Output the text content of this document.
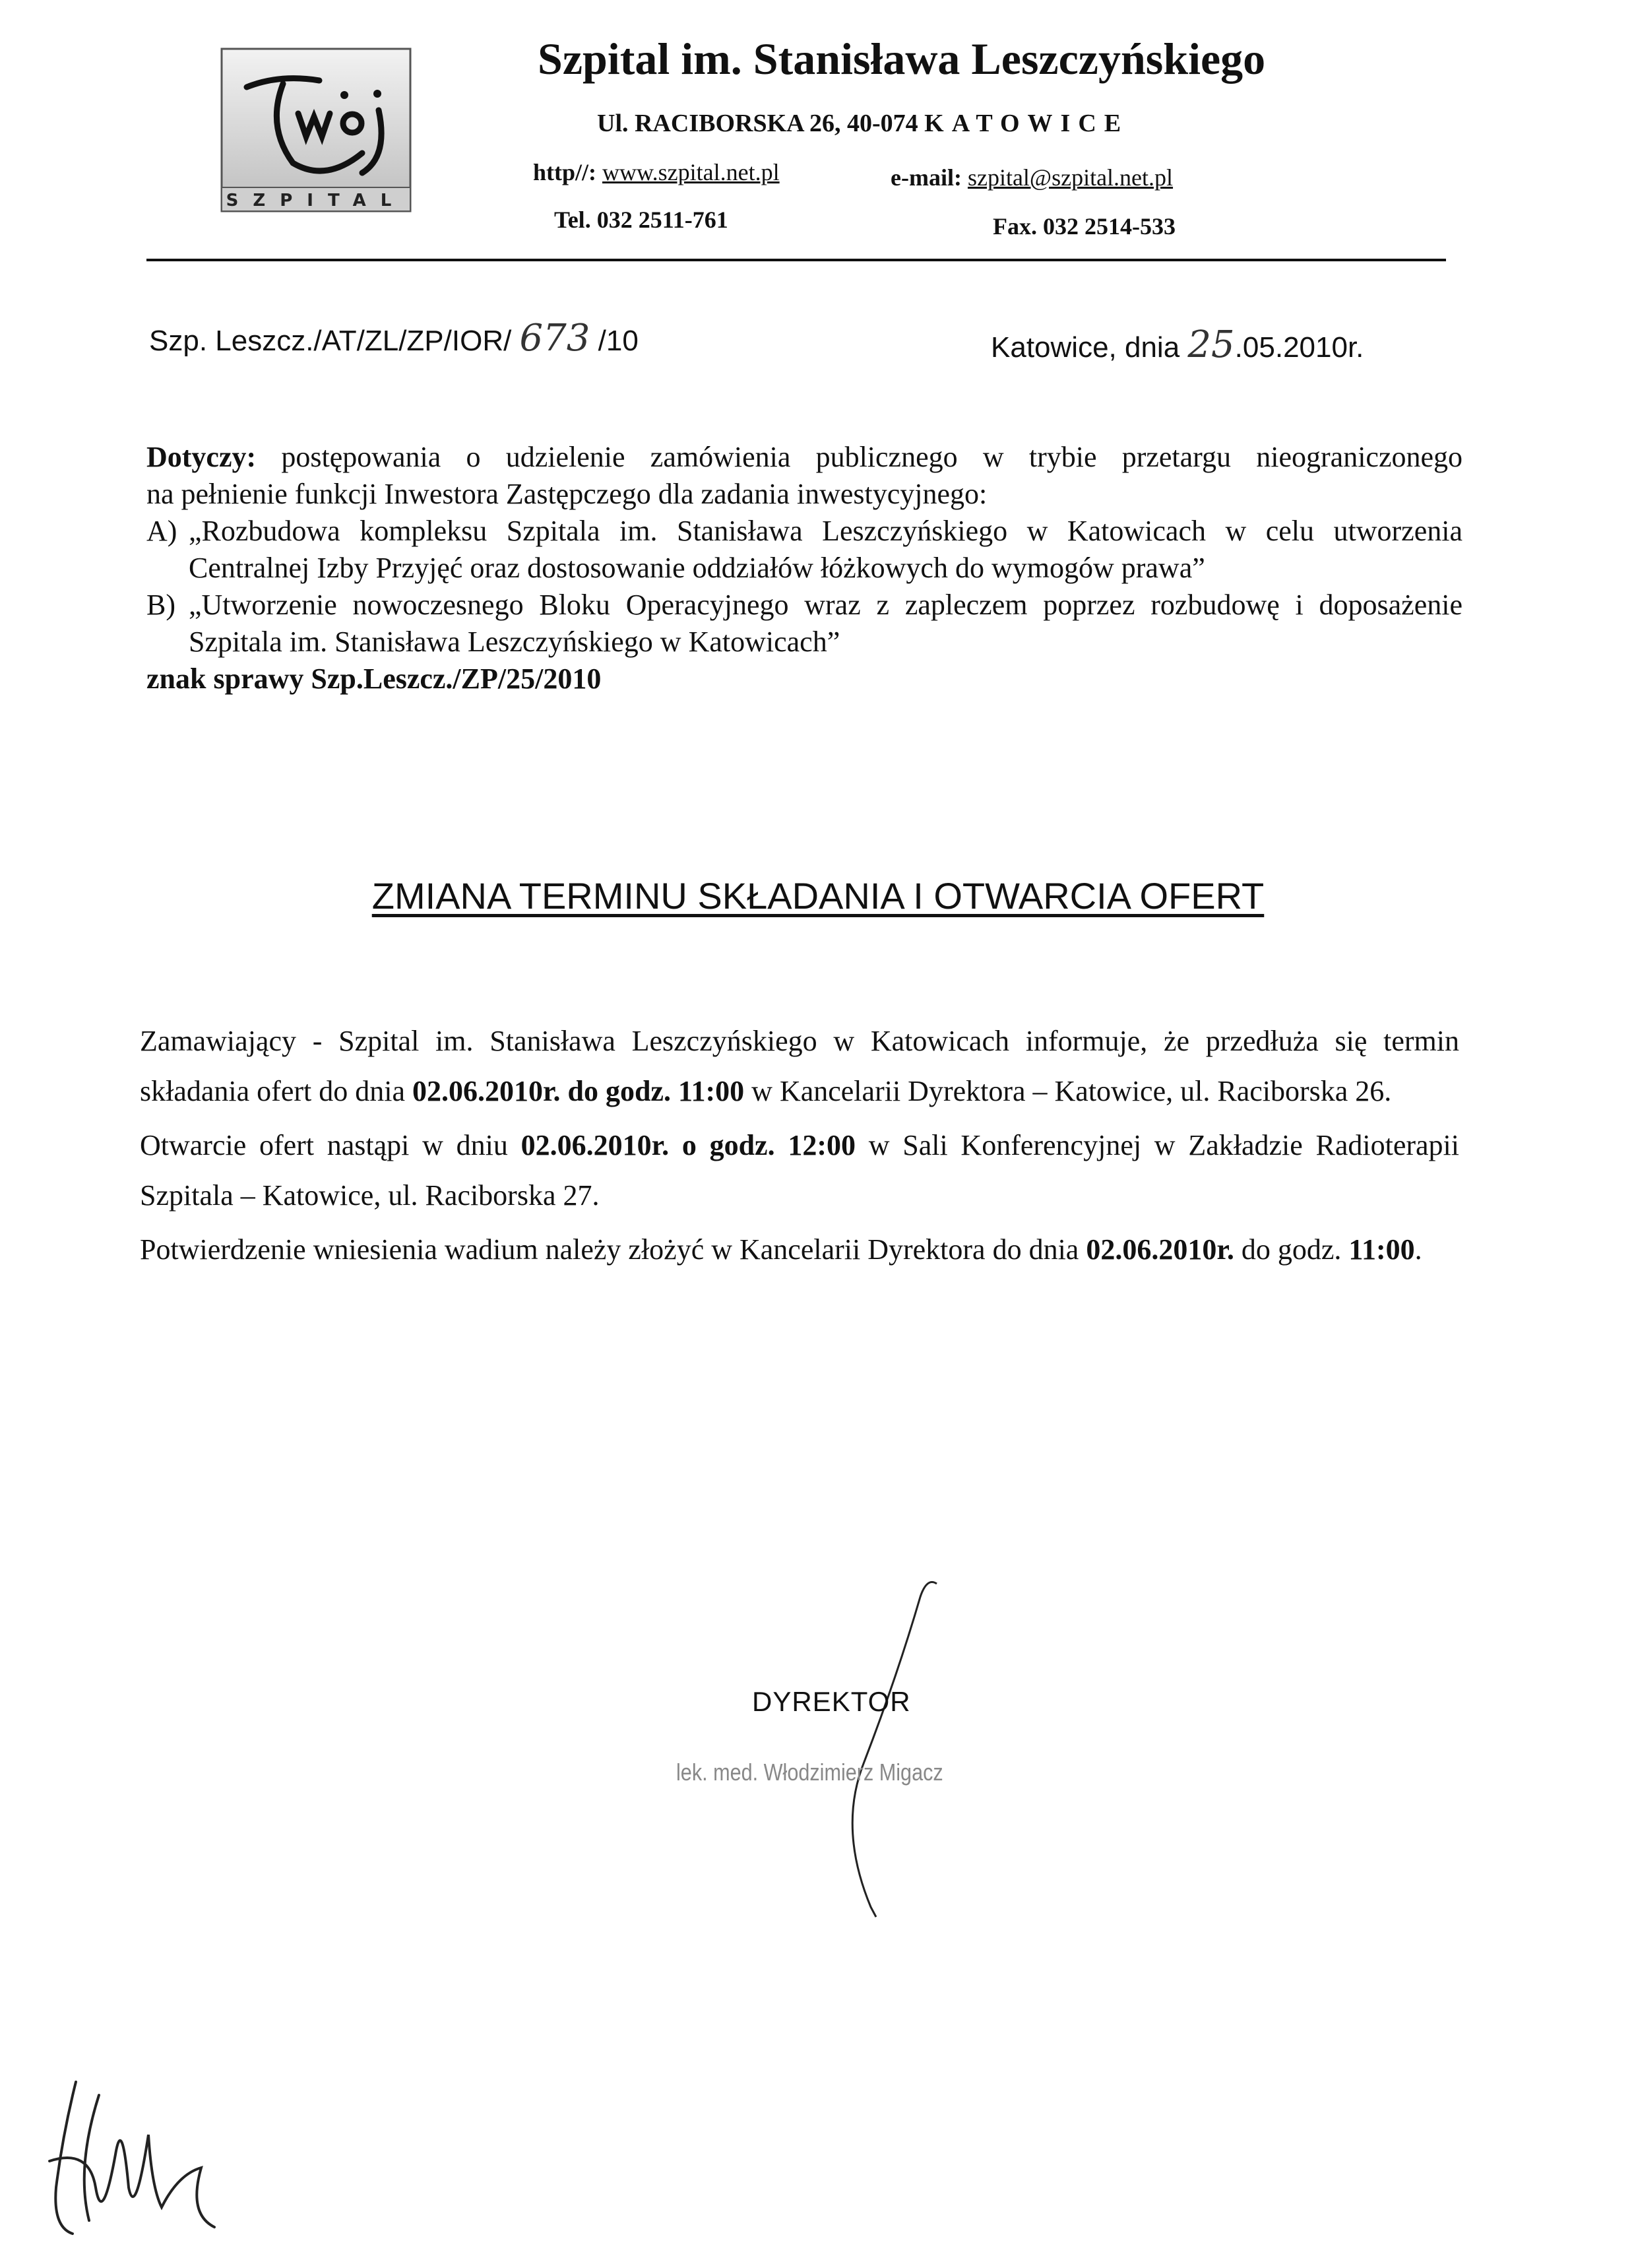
SZPITAL
Szpital im. Stanisława Leszczyńskiego
Ul. RACIBORSKA 26, 40-074 KATOWICE
http//: www.szpital.net.pl	e-mail: szpital@szpital.net.pl
Tel. 032 2511-761	Fax. 032 2514-533
Szp. Leszcz./AT/ZL/ZP/IOR/ 673 /10	Katowice, dnia 25.05.2010r.

Dotyczy: postępowania o udzielenie zamówienia publicznego w trybie przetargu nieograniczonego

na pełnienie funkcji Inwestora Zastępczego dla zadania inwestycyjnego:

A) „Rozbudowa kompleksu Szpitala im. Stanisława Leszczyńskiego w Katowicach w celu utworzenia Centralnej Izby Przyjęć oraz dostosowanie oddziałów łóżkowych do wymogów prawa”
B) „Utworzenie nowoczesnego Bloku Operacyjnego wraz z zapleczem poprzez rozbudowę i doposażenie Szpitala im. Stanisława Leszczyńskiego w Katowicach”

znak sprawy Szp.Leszcz./ZP/25/2010

ZMIANA TERMINU SKŁADANIA I OTWARCIA OFERT

Zamawiający - Szpital im. Stanisława Leszczyńskiego w Katowicach informuje, że przedłuża się termin składania ofert do dnia 02.06.2010r. do godz. 11:00 w Kancelarii Dyrektora – Katowice, ul. Raciborska 26.

Otwarcie ofert nastąpi w dniu 02.06.2010r. o godz. 12:00 w Sali Konferencyjnej w Zakładzie Radioterapii Szpitala – Katowice, ul. Raciborska 27.

Potwierdzenie wniesienia wadium należy złożyć w Kancelarii Dyrektora do dnia 02.06.2010r. do godz. 11:00.

DYREKTOR
lek. med. Włodzimierz Migacz
